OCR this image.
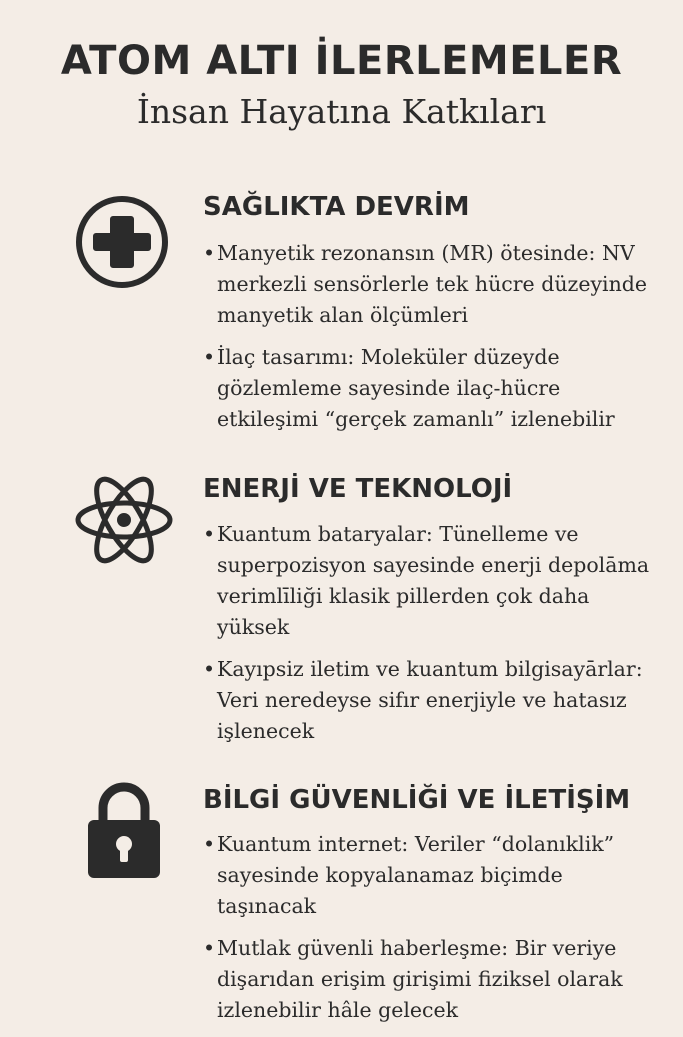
ATOM ALTI İLERLEMELER
İnsan Hayatına Katkıları
SAĞLIKTA DEVRİM
• Manyetik rezonansın (MR) ötesinde: NV merkezli sensörlerle tek hücre düzeyinde manyetik alan ölçümleri
• İlaç tasarımı: Moleküler düzeyde gözlemleme sayesinde ilaç-hücre etkileşimi “gerçek zamanlı” izlenebilir
ENERJİ VE TEKNOLOJİ
• Kuantum bataryalar: Tünelleme ve superpozisyon sayesinde enerji depolāma verimlīliği klasik pillerden çok daha yüksek
• Kayıpsiz iletim ve kuantum bilgisayārlar: Veri neredeyse sifır enerjiyle ve hatasız işlenecek
BİLGİ GÜVENLİĞİ VE İLETİŞİM
• Kuantum internet: Veriler “dolanıklik” sayesinde kopyalanamaz biçimde taşınacak
• Mutlak güvenli haberleşme: Bir veriye dişarıdan erişim girişimi fiziksel olarak izlenebilir hâle gelecek
